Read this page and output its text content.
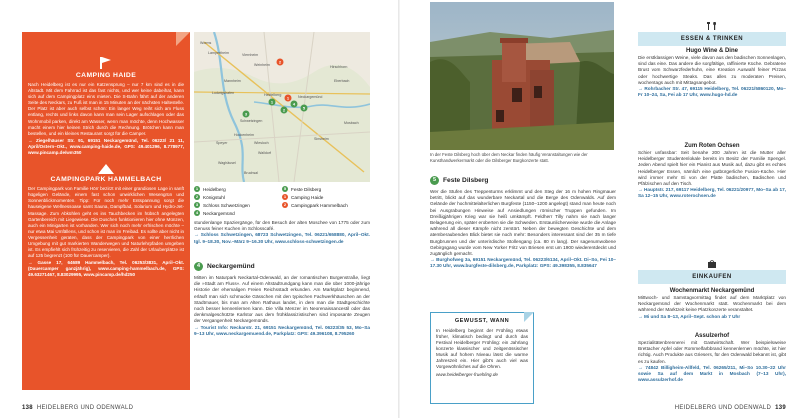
CAMPING HAIDE

Nach Heidelberg ist es nur ein Katzensprung – nur 7 km sind es in die Altstadt. Mit dem Fahrrad ist das fast nichts, und wer keine dabeihat, kann sich auf dem Campingplatz eins mieten. Die S-Bahn fährt auf der anderen Seite des Neckars, zu Fuß ist man in 15 Minuten an der nächsten Haltestelle. Der Platz ist aber auch selbst schön: Ein langer Weg reiht sich am Fluss entlang, rechts und links davon kann man sein Lager aufschlagen oder das Wohnmobil parken, direkt am Wasser, wenn man möchte, denn Hochwasser macht einem hier keinen Strich durch die Rechnung. Brötchen kann man bestellen, und ein kleines Restaurant sorgt für die Camper.

→ Ziegelhäuser Str. 91, 69151 Neckargemünd, Tel. 06223/ 21 11, April/Ostern–Okt., www.camping-haide.de, GPS: 49.401296, 8.778977, www.pincamp.de/wm350

CAMPINGPARK HAMMELBACH

Der Campingpark von Familie Hörr bezirzt mit einer grandiosen Lage in sanft hügeligen Gelände, einem fast schon unwirklichen Wesengrün und Sonnenblickmomenten. Tipp: Für noch mehr Entspannung sorgt die hauseigene Wellnessoase samt Sauna, Dampfbad, Solarium und Hydro-Jet-Massage. Zum Abkühlen geht es ins Tauchbecken im hübsch angelegten Gartenbereich mit Liegewiese. Die Duschen funktionieren hier ohne Münzen, auch ein Minigarten ist vorhanden. Wer sich noch mehr erfrischen möchte – nur etwa Mai Umfällens, und schon ist man im Freibad. Es sollte aber nicht in Vergessenheit geraten, dass der Campingpark von einer herrlichen Umgebung mit gut markierten Wanderwegen und Naturlehrpfaden umgeben ist. Es empfiehlt sich frühzeitig zu reservieren, die Zahl der Urlauberplätze ist auf 125 begrenzt (100 für Dauercamper).

→ Gasse 17, 64689 Hammelbach, Tel. 06253/3831, April–Okt. (Dauercamper ganzjährig), www.camping-hammelbach.de, GPS: 49.63271467, 8.83029995, www.pincamp.de/hd250

Worms
Lampertheim	Viernheim
Weinheim
Mannheim
Ludwigshafen	Heidelberg
Schwetzingen
Hockenheim
Speyer
Neckargemünd
Wiesloch
Sinsheim
Mosbach
Eberbach
Hirschhorn
Waghäusel
Walldorf
Bruchsal
1
2
3
4
5
1
2
1	Heidelberg
2	Königstuhl
3	Schloss Schwetzingen
4	Neckargemünd
5	Feste Dilsberg
1	Camping Haide
2	Campingpark Hammelbach
stundenlange Spaziergänge, für den Besuch der alten Moschee von 1775 oder zum Genuss feiner Kuchen im Schlosscafé.
→ Schloss Schwetzingen, 68723 Schwetzingen, Tel. 06221/658880, April–Okt. tgl. 9–18.30, Nov.–März 9–16.30 Uhr, www.schloss-schwetzingen.de
4	Neckargemünd
Mitten im Naturpark Neckartal-Odenwald, an der romantischen Burgenstraße, liegt die »Stadt am Fluss«. Auf einem Altstadtrundgang kann man die über 1000-jährige Historie der ehemaligen Freien Reichsstadt erkunden. Am Marktplatz beginnend, erläuft man sich schmucke Gässchen mit den typischen Fachwerkhäuschen an der Stadtmauer, bis man am Alten Rathaus landet, in dem man die Stadtgeschichte noch besser kennenlernen kann. Die Villa Menzer im Neorenaissancestil oder das denkmalgeschützte Karlstor aus dem frühklassizistischen sind imposante Zeugen der Vergangenheit Neckargemünds.
→ Tourist Info: Neckarstr. 21, 69151 Neckargemünd, Tel. 06223/35 53, Mo–Sa 9–13 Uhr, www.neckargemuend.de, Parkplatz: GPS: 49.396108, 8.795260
138 HEIDELBERG UND ODENWALD
In der Feste Dilsberg hoch über dem Neckar finden häufig Veranstaltungen wie der Kunsthandwerkermarkt oder die Dilsberger Burgkonzerte statt.
5	Feste Dilsberg
Wer die Stufen des Treppenturms erklimmt und den Steg der 16 m hohen Ringmauer betritt, blickt auf das wunderbare Neckartal und die Berge des Odenwalds. Auf dem Gelände der hochmittelalterlichen Burgfeste (1150–1200 angelegt) stand man heute noch bei Ausgrabungen Hinweise auf Ansiedlungen römischer Truppen gefunden. Im Dreißigjährigen Krieg war sie heiß umkämpft. Feldherr Tilly nahm sie nach langer Belagerung ein, später eroberten sie die Schweden. Erstaunlicherweise wurde die Anlage während all dieser Kämpfe nicht zerstört. Neben der bewegten Geschichte und dem atemberaubenden Blick bietet sie noch mehr: Besonders interessant sind der 35 m tiefe Burgbrunnen und der unterirdische Stollengang (ca. 80 m lang). Der sagenumwobene Gebirgsgang wurde vom New Yorker Fritz von Briesen erst um 1900 wiederentdeckt und zugänglich gemacht.
→ Burghofweg 3a, 69151 Neckargemünd, Tel. 06223/6134, April–Okt. Di–So, Fei 10–17.30 Uhr, www.burgfeste-dilsberg.de, Parkplatz: GPS: 49.398355, 8.835647
GEWUSST, WANN

In Heidelberg beginnt der Frühling etwas früher, klimatisch bedingt und durch das Festival Heidelberger Frühling: ein Jahrlang konzerte klassischer und zeitgenössischer Musik auf hohem Niveau lässt die warme Jahreszeit ein. Hier gibt's auch viel was Vorgewöhnliches auf die Ohren.

www.heidelberger-fruehling.de

ESSEN & TRINKEN
Hugo Wine & Dine
Die erstklassigen Weine, viele davon aus den badischen Sonnenlagen, sind das eine. Das andere die sorgfältige, raffinierte Küche. Gebratene Brust vom Schwarzfederhuhn, eine Kreation Auswahl feiner Pizzas oder hochwertige Steaks. Das alles zu moderaten Preisen, wochentags auch mit Mittagsangebot.
→ Rohrbacher Str. 47, 69115 Heidelberg, Tel. 06221/5860120, Mo–Fr 10–24, Sa, Fei ab 17 Uhr, www.hugo-hd.de
Zum Roten Ochsen
Schier unfassbar: Seit benahe 200 Jahren ist die Mutter aller Heidelberger Studentenlokale bereits im Besitz der Familie Spengel. Jeden Abend spielt hier ein Pianist aus Musik auf, dazu gibt es echtes Heidelberger Essen, nämlich eine gutbürgerliche Fusion-Küche. Hier wird immer mehr Ei von der Platte badischen, Badischen und Pfälzischen auf den Tisch.
→ Hauptstr. 217, 69117 Heidelberg, Tel. 06221/20977, Mo–Sa ab 17, Sa 12–15 Uhr, www.roterochsen.de
EINKAUFEN
Wochenmarkt Neckargemünd
Mittwoch- und Samstagvormittag findet auf dem Marktplatz von Neckargemünd der Wochenmarkt statt. Wochenmarkt bei dem während der Marktzeit keine Platzkonzerte veranstaltet.
→ Mi und Sa 8–13, April–Sept. schon ab 7 Uhr
Assulzerhof
Spezialitätenbrennerei mit Gastwirtschaft. Wer beispielsweise Brettacher Apfel oder Rommelfarbbrand kennenlernen möchte, ist hier richtig. Auch Produkte aus Griesers, für den Odenwald bekannt ist, gibt es zu kaufen.
→ 74842 Billigheim-Allfeld, Tel. 06265/211, Mi–So 10.30–22 Uhr sowie Sa auf dem Markt in Mosbach (7–13 Uhr), www.assulzerhof.de
HEIDELBERG UND ODENWALD 139
